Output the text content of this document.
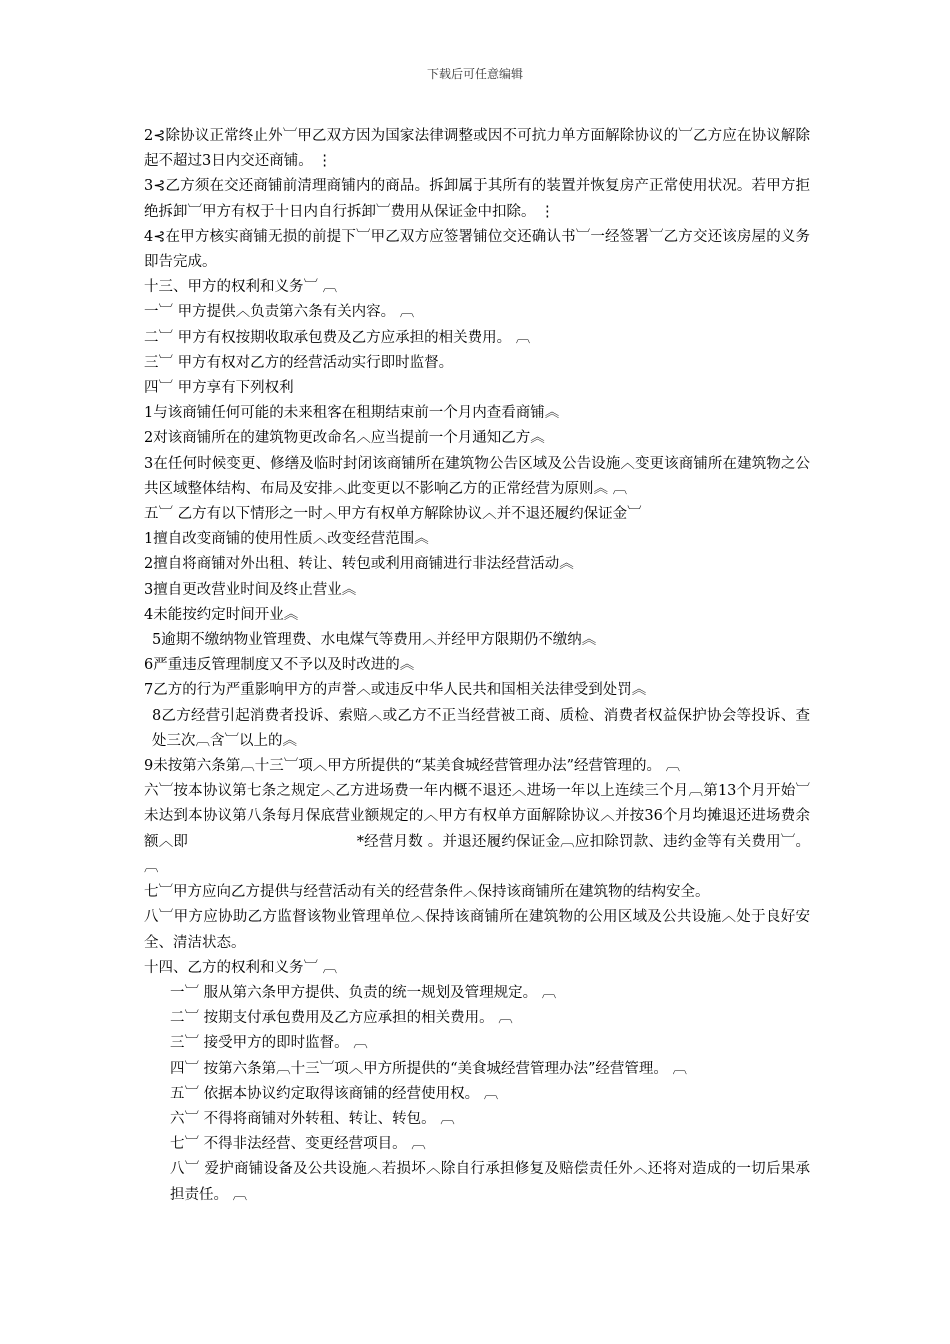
下载后可任意编辑

2⊰除协议正常终止外︺甲乙双方因为国家法律调整或因不可抗力单方面解除协议的︺乙方应在协议解除起不超过3日内交还商铺。 ⋮

3⊰乙方须在交还商铺前清理商铺内的商品。拆卸属于其所有的装置并恢复房产正常使用状况。若甲方拒绝拆卸︺甲方有权于十日内自行拆卸︺费用从保证金中扣除。 ⋮

4⊰在甲方核实商铺无损的前提下︺甲乙双方应签署铺位交还确认书︺一经签署︺乙方交还该房屋的义务即告完成。

十三、甲方的权利和义务︺ ︹

一︺ 甲方提供︿负责第六条有关内容。 ︹

二︺ 甲方有权按期收取承包费及乙方应承担的相关费用。 ︹

三︺ 甲方有权对乙方的经营活动实行即时监督。

四︺ 甲方享有下列权利

1与该商铺任何可能的未来租客在租期结束前一个月内查看商铺︽

2对该商铺所在的建筑物更改命名︿应当提前一个月通知乙方︽

3在任何时候变更、修缮及临时封闭该商铺所在建筑物公告区域及公告设施︿变更该商铺所在建筑物之公共区域整体结构、布局及安排︿此变更以不影响乙方的正常经营为原则︽ ︹

五︺ 乙方有以下情形之一时︿甲方有权单方解除协议︿并不退还履约保证金︺

1擅自改变商铺的使用性质︿改变经营范围︽

2擅自将商铺对外出租、转让、转包或利用商铺进行非法经营活动︽

3擅自更改营业时间及终止营业︽

4未能按约定时间开业︽

5逾期不缴纳物业管理费、水电煤气等费用︿并经甲方限期仍不缴纳︽

6严重违反管理制度又不予以及时改进的︽

7乙方的行为严重影响甲方的声誉︿或违反中华人民共和国相关法律受到处罚︽

8乙方经营引起消费者投诉、索赔︿或乙方不正当经营被工商、质检、消费者权益保护协会等投诉、查处三次︹含︺以上的︽

9未按第六条第︹十三︺项︿甲方所提供的“某美食城经营管理办法”经营管理的。 ︹

六︺按本协议第七条之规定︿乙方进场费一年内概不退还︿进场一年以上连续三个月︹第13个月开始︺未达到本协议第八条每月保底营业额规定的︿甲方有权单方面解除协议︿并按36个月均摊退还进场费余额︿即                                   *经营月数 。并退还履约保证金︹应扣除罚款、违约金等有关费用︺。 ︹

七︺甲方应向乙方提供与经营活动有关的经营条件︿保持该商铺所在建筑物的结构安全。

八︺甲方应协助乙方监督该物业管理单位︿保持该商铺所在建筑物的公用区域及公共设施︿处于良好安全、清洁状态。

十四、乙方的权利和义务︺ ︹

一︺ 服从第六条甲方提供、负责的统一规划及管理规定。 ︹

二︺ 按期支付承包费用及乙方应承担的相关费用。 ︹

三︺ 接受甲方的即时监督。 ︹

四︺ 按第六条第︹十三︺项︿甲方所提供的“美食城经营管理办法”经营管理。 ︹

五︺ 依据本协议约定取得该商铺的经营使用权。 ︹

六︺ 不得将商铺对外转租、转让、转包。 ︹

七︺ 不得非法经营、变更经营项目。 ︹

八︺ 爱护商铺设备及公共设施︿若损坏︿除自行承担修复及赔偿责任外︿还将对造成的一切后果承担责任。 ︹
